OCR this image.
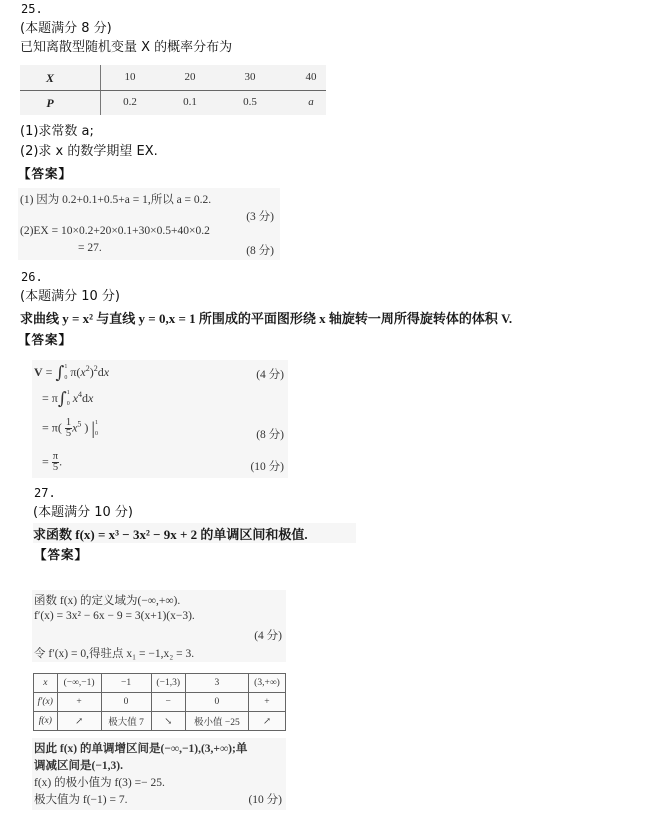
25.
(本题满分 8 分)
已知离散型随机变量 X 的概率分布为
X	10	20	30	40
P	0.2	0.1	0.5	a
(1)求常数 a;
(2)求 x 的数学期望 EX.
【答案】
(1) 因为 0.2+0.1+0.5+a = 1,所以 a = 0.2.
(3 分)
(2)EX = 10×0.2+20×0.1+30×0.5+40×0.2
= 27.	(8 分)
26.
(本题满分 10 分)
求曲线 y = x² 与直线 y = 0,x = 1 所围成的平面图形绕 x 轴旋转一周所得旋转体的体积 V.
【答案】
V = ∫ 1
0 $\pi(x^2)^2dx$	(4 分)
= π∫ 1
0 $x^4dx$
= $\pi( \frac{1}{5} x^5$ ) | 1
0	(8 分)
= $\frac{\pi}{5}$ .	(10 分)
27.
(本题满分 10 分)
求函数 f(x) = x³ − 3x² − 9x + 2 的单调区间和极值.
【答案】
函数 f(x) 的定义域为(−∞,+∞).
f′(x) = 3x² − 6x − 9 = 3(x+1)(x−3).
(4 分)
令 f′(x) = 0,得驻点 x₁ = −1,x₂ = 3.
x	(−∞,−1)	−1	(−1,3)	3	(3,+∞)
f′(x)	+	0	−	0	+
f(x)	↗	极大值 7	↘	极小值 −25	↗
因此 f(x) 的单调增区间是(−∞,−1),(3,+∞);单
调减区间是(−1,3).
f(x) 的极小值为 f(3) =− 25.
极大值为 f(−1) = 7.	(10 分)
